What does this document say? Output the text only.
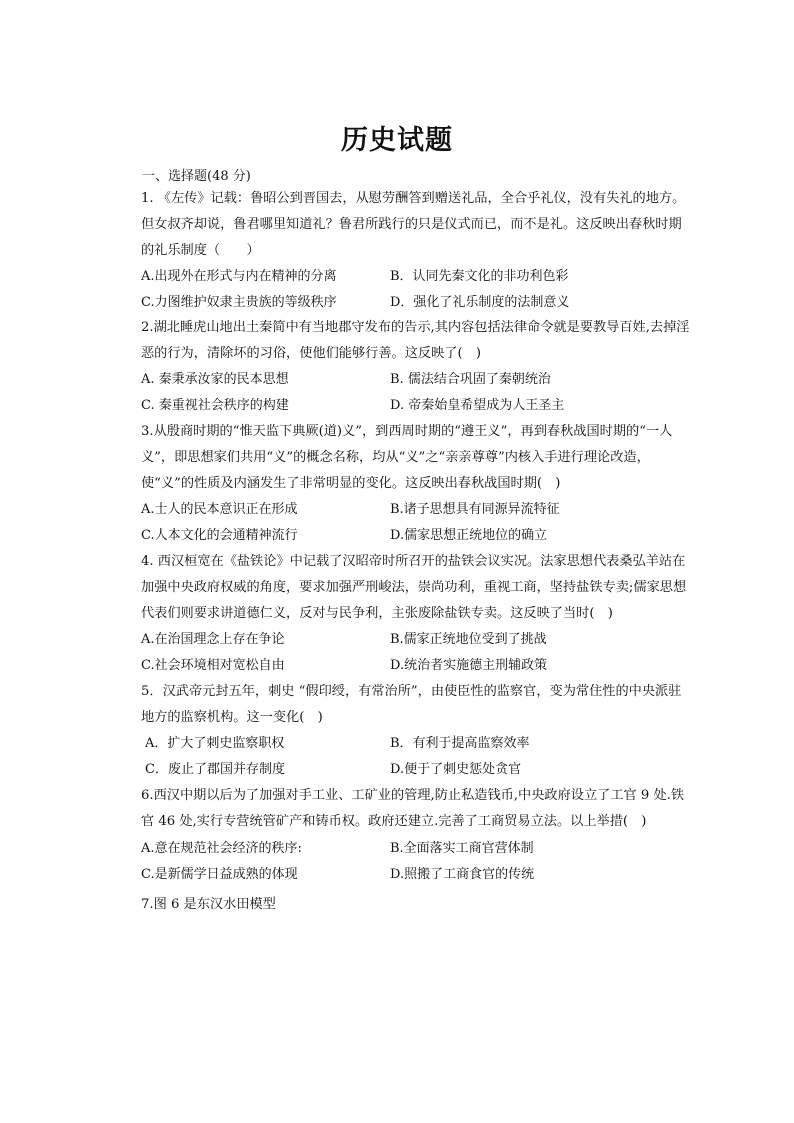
历史试题
一、选择题(48 分)
1. 《左传》记载：鲁昭公到晋国去，从慰劳酬答到赠送礼品，全合乎礼仪，没有失礼的地方。但女叔齐却说，鲁君哪里知道礼？鲁君所践行的只是仪式而已，而不是礼。这反映出春秋时期的礼乐制度（　　）
A.出现外在形式与内在精神的分离	B．认同先秦文化的非功利色彩
C.力图维护奴隶主贵族的等级秩序	D．强化了礼乐制度的法制意义
2.湖北睡虎山地出土秦简中有当地郡守发布的告示,其内容包括法律命令就是要教导百姓,去掉淫恶的行为，清除坏的习俗，使他们能够行善。这反映了(　)
A. 秦秉承汝家的民本思想	B. 儒法结合巩固了秦朝统治
C. 秦重视社会秩序的构建	D. 帝秦始皇希望成为人王圣主
3.从殷商时期的“惟天监下典厥(道)义”，到西周时期的“遵王义”，再到春秋战国时期的“一人义”，即思想家们共用“义”的概念名称，均从“义”之“亲亲尊尊”内核入手进行理论改造，使“义”的性质及内涵发生了非常明显的变化。这反映出春秋战国时期(　)
A.士人的民本意识正在形成	B.诸子思想具有同源异流特征
C.人本文化的会通精神流行	D.儒家思想正统地位的确立
4. 西汉桓宽在《盐铁论》中记载了汉昭帝时所召开的盐铁会议实况。法家思想代表桑弘羊站在加强中央政府权威的角度，要求加强严刑峻法，崇尚功利，重视工商，坚持盐铁专卖;儒家思想代表们则要求讲道德仁义，反对与民争利，主张废除盐铁专卖。这反映了当时(　)
A.在治国理念上存在争论	B.儒家正统地位受到了挑战
C.社会环境相对宽松自由	D.统治者实施德主刑辅政策
5．汉武帝元封五年，刺史 “假印绶，有常治所”，由使臣性的监察官，变为常住性的中央派驻地方的监察机构。这一变化(　)
A．扩大了刺史监察职权	B．有利于提高监察效率
C．废止了郡国并存制度	D.便于了刺史惩处贪官
6.西汉中期以后为了加强对手工业、工矿业的管理,防止私造钱币,中央政府设立了工官 9 处.铁官 46 处,实行专营统管矿产和铸币权。政府还建立.完善了工商贸易立法。以上举措(　)
A.意在规范社会经济的秩序:	B.全面落实工商官营体制
C.是新儒学日益成熟的体现	D.照搬了工商食官的传统
7.图 6 是东汉水田模型
